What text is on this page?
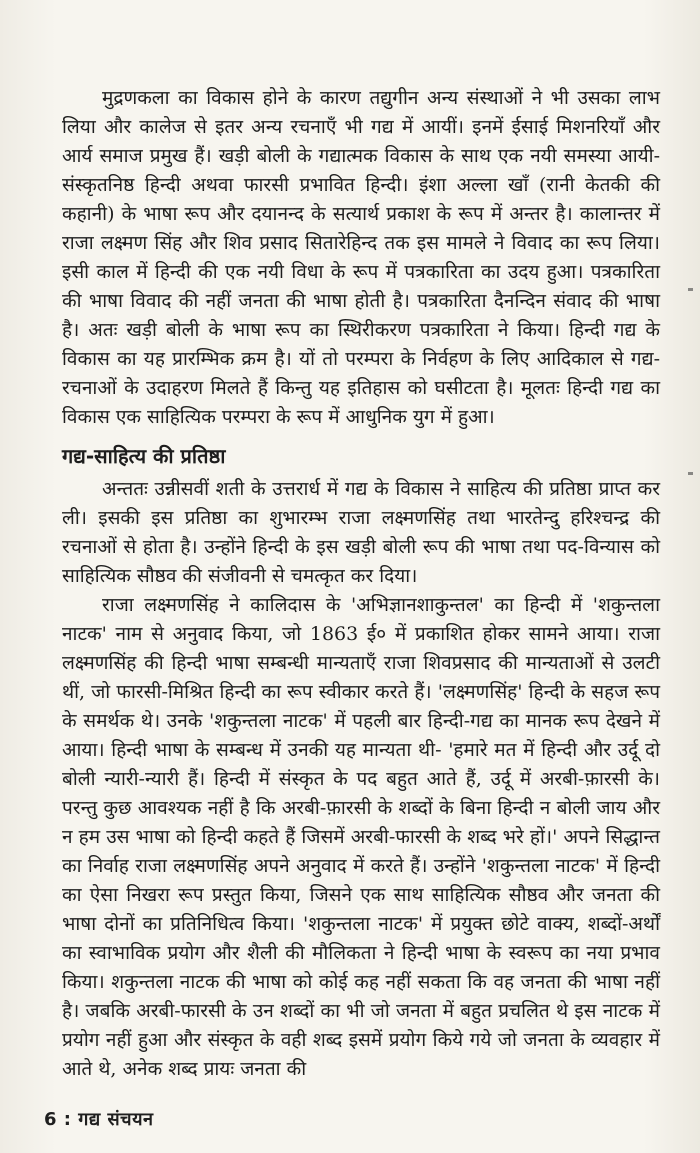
मुद्रणकला का विकास होने के कारण तद्युगीन अन्य संस्थाओं ने भी उसका लाभ लिया और कालेज से इतर अन्य रचनाएँ भी गद्य में आयीं। इनमें ईसाई मिशनरियाँ और आर्य समाज प्रमुख हैं। खड़ी बोली के गद्यात्मक विकास के साथ एक नयी समस्या आयी- संस्कृतनिष्ठ हिन्दी अथवा फारसी प्रभावित हिन्दी। इंशा अल्ला खाँ (रानी केतकी की कहानी) के भाषा रूप और दयानन्द के सत्यार्थ प्रकाश के रूप में अन्तर है। कालान्तर में राजा लक्ष्मण सिंह और शिव प्रसाद सितारेहिन्द तक इस मामले ने विवाद का रूप लिया। इसी काल में हिन्दी की एक नयी विधा के रूप में पत्रकारिता का उदय हुआ। पत्रकारिता की भाषा विवाद की नहीं जनता की भाषा होती है। पत्रकारिता दैनन्दिन संवाद की भाषा है। अतः खड़ी बोली के भाषा रूप का स्थिरीकरण पत्रकारिता ने किया। हिन्दी गद्य के विकास का यह प्रारम्भिक क्रम है। यों तो परम्परा के निर्वहण के लिए आदिकाल से गद्य-रचनाओं के उदाहरण मिलते हैं किन्तु यह इतिहास को घसीटता है। मूलतः हिन्दी गद्य का विकास एक साहित्यिक परम्परा के रूप में आधुनिक युग में हुआ।

गद्य-साहित्य की प्रतिष्ठा

अन्ततः उन्नीसवीं शती के उत्तरार्ध में गद्य के विकास ने साहित्य की प्रतिष्ठा प्राप्त कर ली। इसकी इस प्रतिष्ठा का शुभारम्भ राजा लक्ष्मणसिंह तथा भारतेन्दु हरिश्चन्द्र की रचनाओं से होता है। उन्होंने हिन्दी के इस खड़ी बोली रूप की भाषा तथा पद-विन्यास को साहित्यिक सौष्ठव की संजीवनी से चमत्कृत कर दिया।

राजा लक्ष्मणसिंह ने कालिदास के 'अभिज्ञानशाकुन्तल' का हिन्दी में 'शकुन्तला नाटक' नाम से अनुवाद किया, जो 1863 ई० में प्रकाशित होकर सामने आया। राजा लक्ष्मणसिंह की हिन्दी भाषा सम्बन्धी मान्यताएँ राजा शिवप्रसाद की मान्यताओं से उलटी थीं, जो फारसी-मिश्रित हिन्दी का रूप स्वीकार करते हैं। 'लक्ष्मणसिंह' हिन्दी के सहज रूप के समर्थक थे। उनके 'शकुन्तला नाटक' में पहली बार हिन्दी-गद्य का मानक रूप देखने में आया। हिन्दी भाषा के सम्बन्ध में उनकी यह मान्यता थी- 'हमारे मत में हिन्दी और उर्दू दो बोली न्यारी-न्यारी हैं। हिन्दी में संस्कृत के पद बहुत आते हैं, उर्दू में अरबी-फ़ारसी के। परन्तु कुछ आवश्यक नहीं है कि अरबी-फ़ारसी के शब्दों के बिना हिन्दी न बोली जाय और न हम उस भाषा को हिन्दी कहते हैं जिसमें अरबी-फारसी के शब्द भरे हों।' अपने सिद्धान्त का निर्वाह राजा लक्ष्मणसिंह अपने अनुवाद में करते हैं। उन्होंने 'शकुन्तला नाटक' में हिन्दी का ऐसा निखरा रूप प्रस्तुत किया, जिसने एक साथ साहित्यिक सौष्ठव और जनता की भाषा दोनों का प्रतिनिधित्व किया। 'शकुन्तला नाटक' में प्रयुक्त छोटे वाक्य, शब्दों-अर्थों का स्वाभाविक प्रयोग और शैली की मौलिकता ने हिन्दी भाषा के स्वरूप का नया प्रभाव किया। शकुन्तला नाटक की भाषा को कोई कह नहीं सकता कि वह जनता की भाषा नहीं है। जबकि अरबी-फारसी के उन शब्दों का भी जो जनता में बहुत प्रचलित थे इस नाटक में प्रयोग नहीं हुआ और संस्कृत के वही शब्द इसमें प्रयोग किये गये जो जनता के व्यवहार में आते थे, अनेक शब्द प्रायः जनता की

6 : गद्य संचयन
